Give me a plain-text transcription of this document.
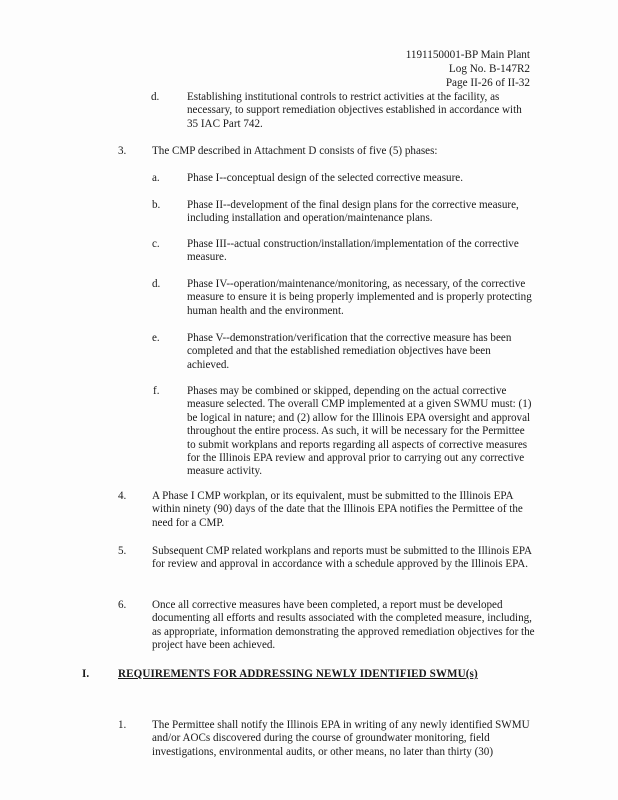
1191150001-BP Main Plant
Log No. B-147R2
Page II-26 of II-32
d. Establishing institutional controls to restrict activities at the facility, as necessary, to support remediation objectives established in accordance with 35 IAC Part 742.
3. The CMP described in Attachment D consists of five (5) phases:
a. Phase I--conceptual design of the selected corrective measure.
b. Phase II--development of the final design plans for the corrective measure, including installation and operation/maintenance plans.
c. Phase III--actual construction/installation/implementation of the corrective measure.
d. Phase IV--operation/maintenance/monitoring, as necessary, of the corrective measure to ensure it is being properly implemented and is properly protecting human health and the environment.
e. Phase V--demonstration/verification that the corrective measure has been completed and that the established remediation objectives have been achieved.
f. Phases may be combined or skipped, depending on the actual corrective measure selected. The overall CMP implemented at a given SWMU must: (1) be logical in nature; and (2) allow for the Illinois EPA oversight and approval throughout the entire process. As such, it will be necessary for the Permittee to submit workplans and reports regarding all aspects of corrective measures for the Illinois EPA review and approval prior to carrying out any corrective measure activity.
4. A Phase I CMP workplan, or its equivalent, must be submitted to the Illinois EPA within ninety (90) days of the date that the Illinois EPA notifies the Permittee of the need for a CMP.
5. Subsequent CMP related workplans and reports must be submitted to the Illinois EPA for review and approval in accordance with a schedule approved by the Illinois EPA.
6. Once all corrective measures have been completed, a report must be developed documenting all efforts and results associated with the completed measure, including, as appropriate, information demonstrating the approved remediation objectives for the project have been achieved.
I.	REQUIREMENTS FOR ADDRESSING NEWLY IDENTIFIED SWMU(s)
1. The Permittee shall notify the Illinois EPA in writing of any newly identified SWMU and/or AOCs discovered during the course of groundwater monitoring, field investigations, environmental audits, or other means, no later than thirty (30)
